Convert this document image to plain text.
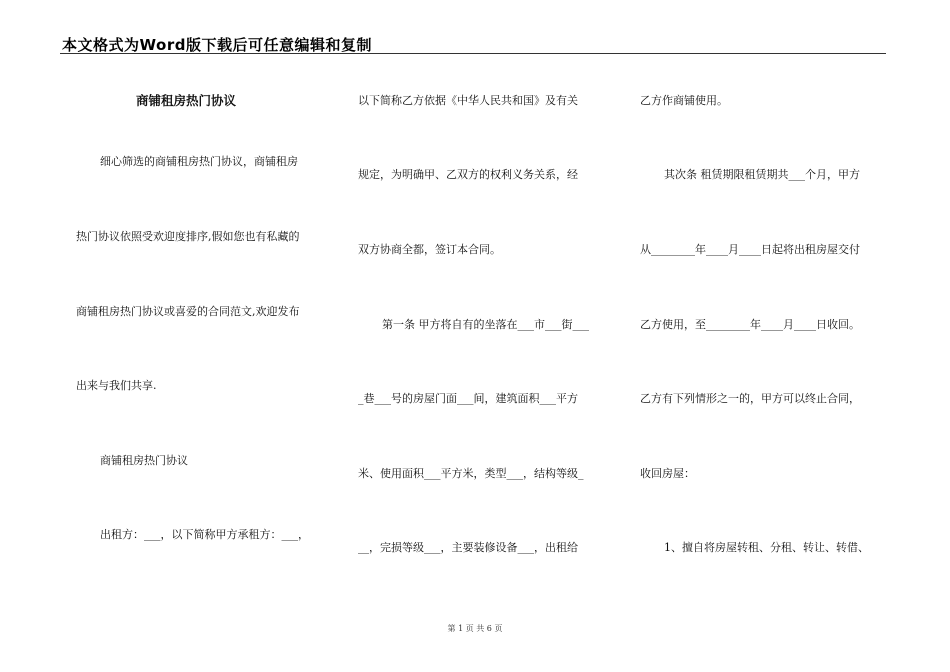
本文格式为Word版下载后可任意编辑和复制
商铺租房热门协议
细心筛选的商铺租房热门协议，商铺租房
热门协议依照受欢迎度排序,假如您也有私藏的
商铺租房热门协议或喜爱的合同范文,欢迎发布
出来与我们共享.
商铺租房热门协议
出租方：___，以下简称甲方承租方：___，
以下简称乙方依据《中华人民共和国》及有关
规定，为明确甲、乙双方的权利义务关系，经
双方协商全都，签订本合同。
第一条 甲方将自有的坐落在___市___街___
_巷___号的房屋门面___间，建筑面积___平方
米、使用面积___平方米，类型___，结构等级_
__，完损等级___，主要装修设备___，出租给
乙方作商铺使用。
其次条 租赁期限租赁期共___个月，甲方
从________年____月____日起将出租房屋交付
乙方使用，至________年____月____日收回。
乙方有下列情形之一的，甲方可以终止合同，
收回房屋：
1、擅自将房屋转租、分租、转让、转借、
第 1 页 共 6 页
